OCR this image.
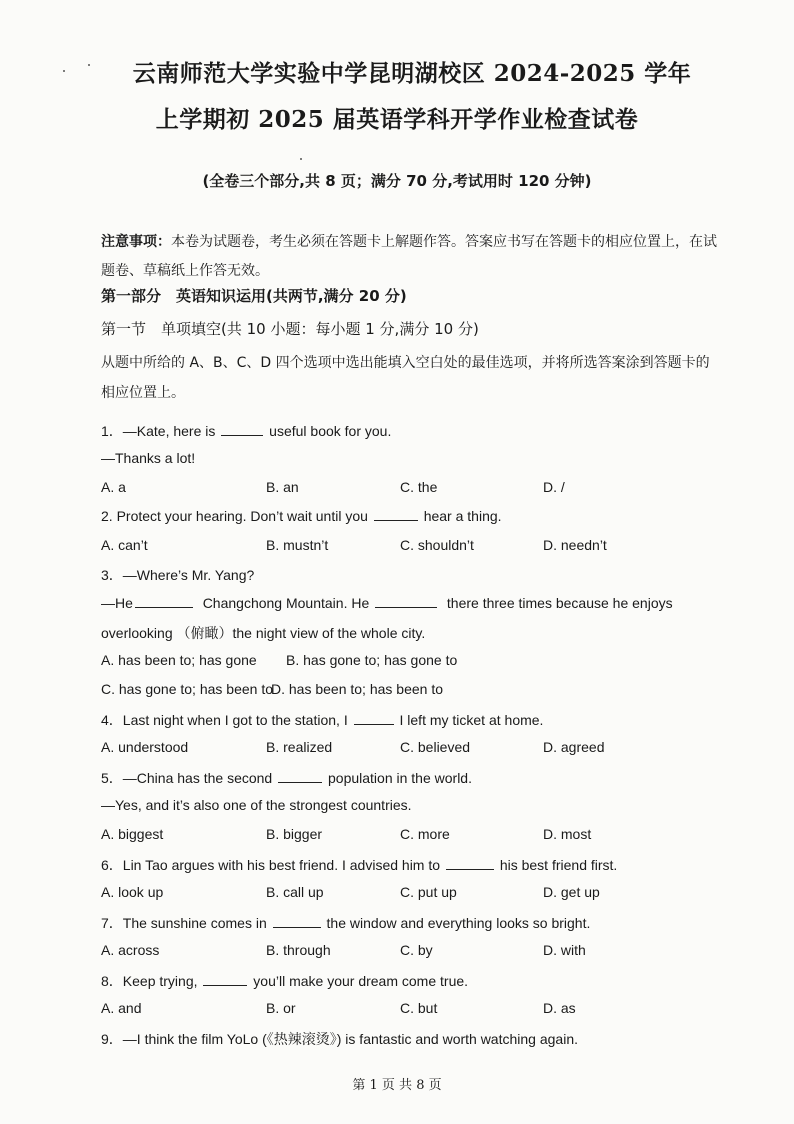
云南师范大学实验中学昆明湖校区 2024-2025 学年
上学期初 2025 届英语学科开学作业检查试卷
(全卷三个部分,共 8 页；满分 70 分,考试用时 120 分钟)
注意事项：本卷为试题卷，考生必须在答题卡上解题作答。答案应书写在答题卡的相应位置上，在试题卷、草稿纸上作答无效。
第一部分　英语知识运用(共两节,满分 20 分)
第一节　单项填空(共 10 小题：每小题 1 分,满分 10 分)
从题中所给的 A、B、C、D 四个选项中选出能填入空白处的最佳选项，并将所选答案涂到答题卡的相应位置上。
1．—Kate, here is	useful book for you.
—Thanks a lot!
A. a	B. an	C. the	D. /
2. Protect your hearing. Don’t wait until you	hear a thing.
A. can’t	B. mustn’t	C. shouldn’t	D. needn’t
3．—Where’s Mr. Yang?
—He	Changchong Mountain. He	there three times because he enjoys
overlooking （俯瞰）the night view of the whole city.
A. has been to; has gone B. has gone to; has gone to
C. has gone to; has been to
D. has been to; has been to
4．Last night when I got to the station, I	I left my ticket at home.
A. understood	B. realized	C. believed	D. agreed
5．—China has the second	population in the world.
—Yes, and it’s also one of the strongest countries.
A. biggest	B. bigger	C. more	D. most
6．Lin Tao argues with his best friend. I advised him to	his best friend first.
A. look up	B. call up	C. put up	D. get up
7．The sunshine comes in	the window and everything looks so bright.
A. across	B. through	C. by	D. with
8．Keep trying,	you’ll make your dream come true.
A. and	B. or	C. but	D. as
9．—I think the film YoLo (《热辣滚烫》) is fantastic and worth watching again.
第 1 页 共 8 页
